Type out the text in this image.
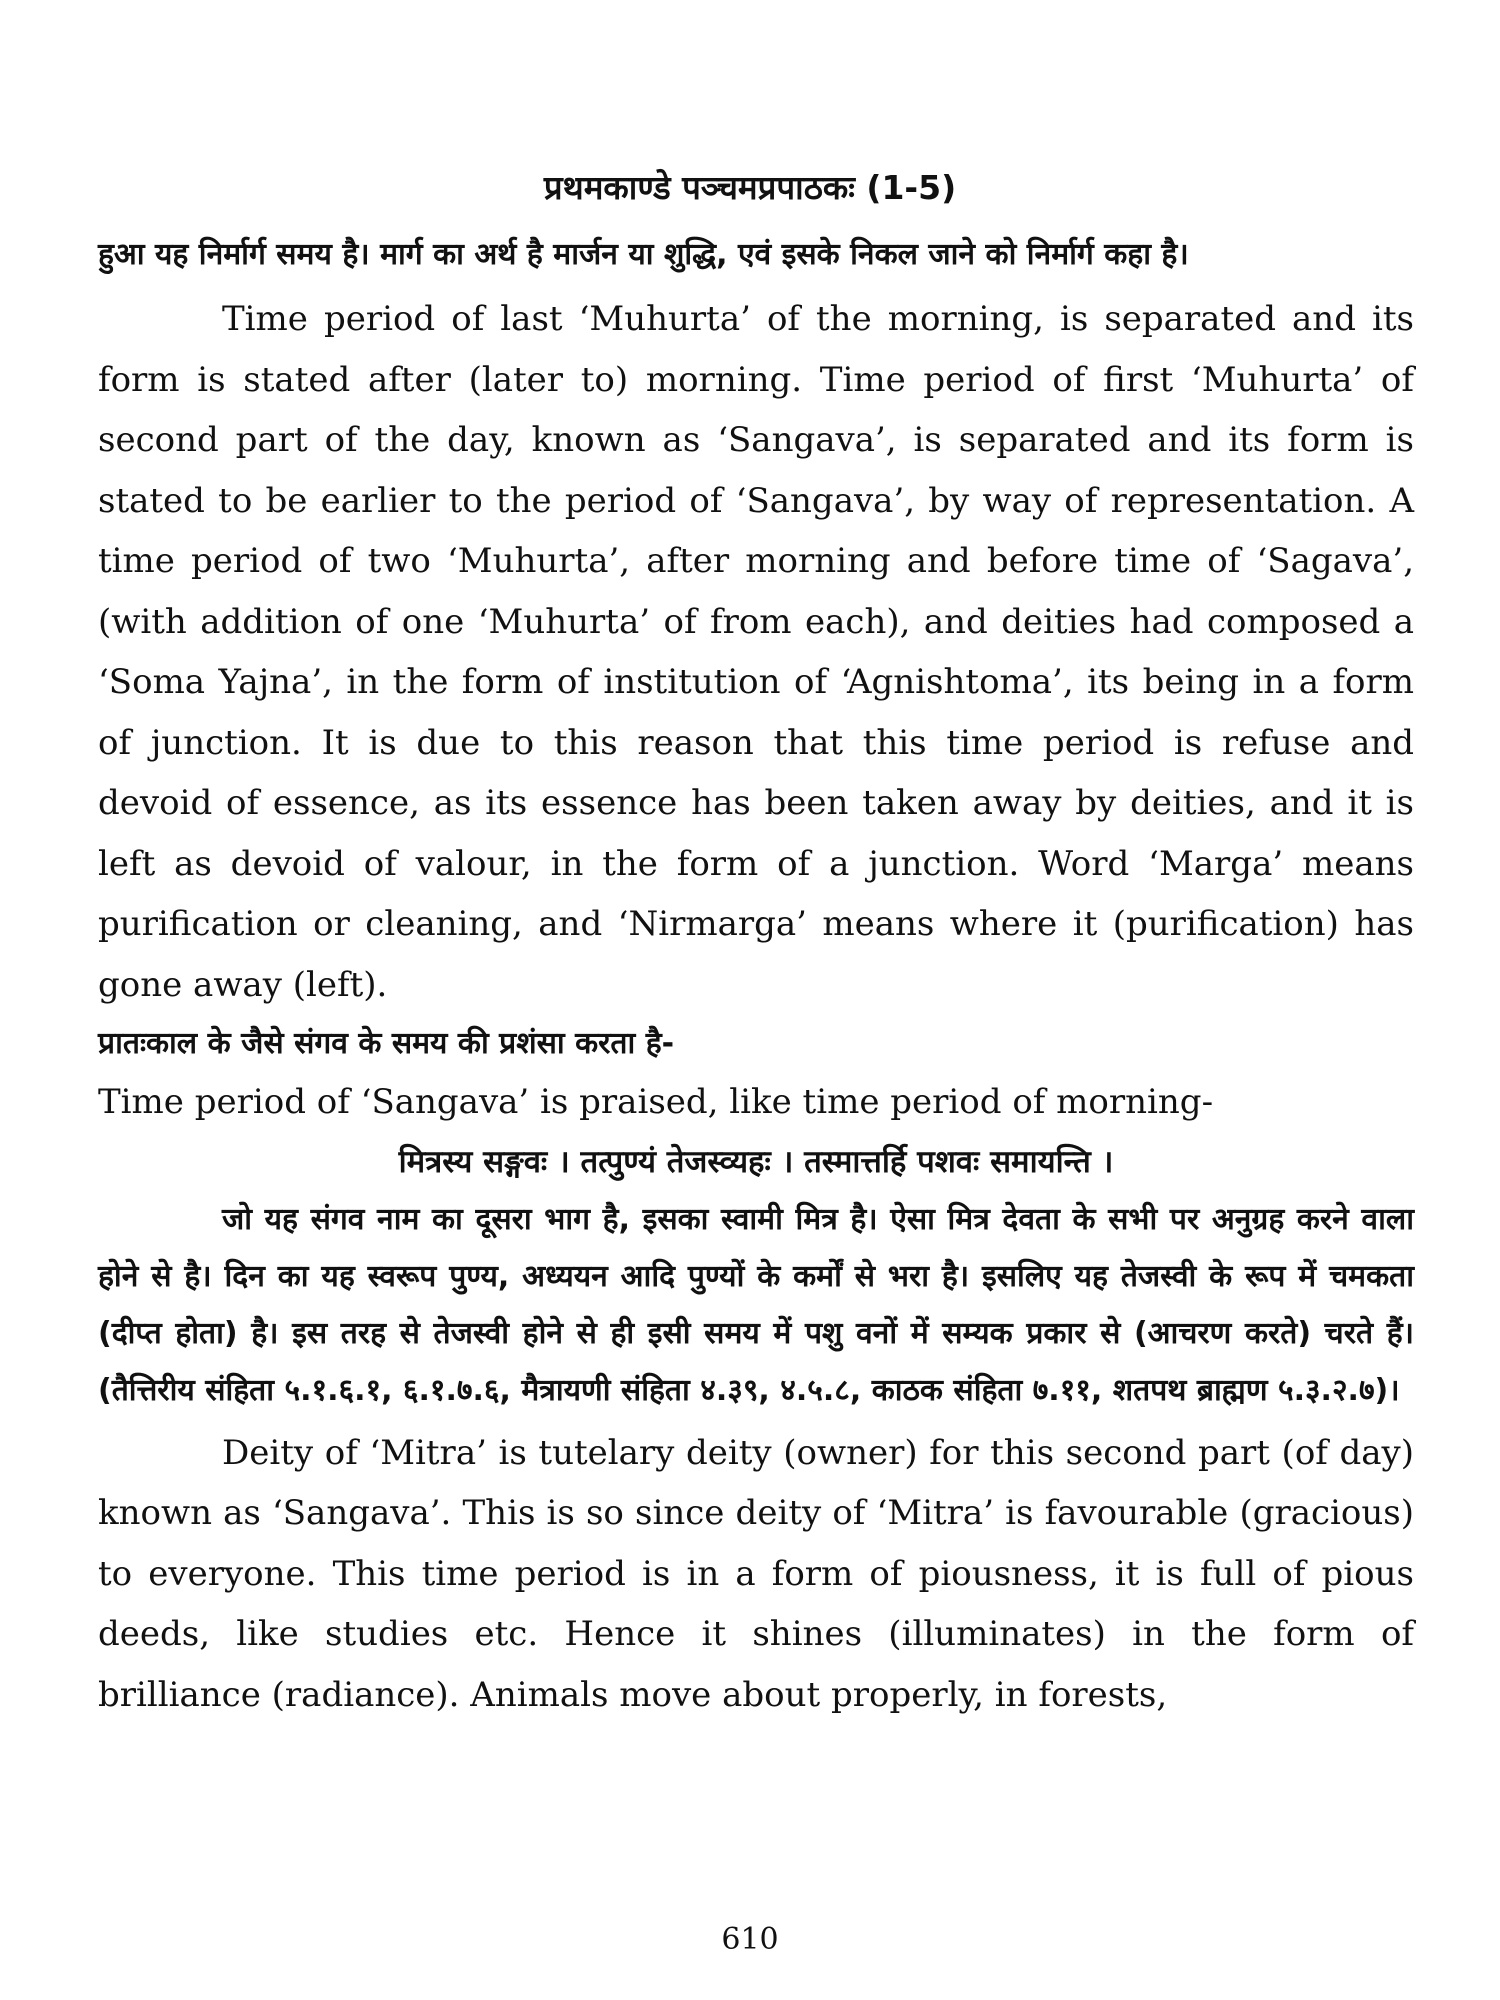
प्रथमकाण्डे पञ्चमप्रपाठकः (1-5)

हुआ यह निर्मार्ग समय है। मार्ग का अर्थ है मार्जन या शुद्धि, एवं इसके निकल जाने को निर्मार्ग कहा है।

Time period of last ‘Muhurta’ of the morning, is separated and its form is stated after (later to) morning. Time period of first ‘Muhurta’ of second part of the day, known as ‘Sangava’, is separated and its form is stated to be earlier to the period of ‘Sangava’, by way of representation. A time period of two ‘Muhurta’, after morning and before time of ‘Sagava’, (with addition of one ‘Muhurta’ of from each), and deities had composed a ‘Soma Yajna’, in the form of institution of ‘Agnishtoma’, its being in a form of junction. It is due to this reason that this time period is refuse and devoid of essence, as its essence has been taken away by deities, and it is left as devoid of valour, in the form of a junction. Word ‘Marga’ means purification or cleaning, and ‘Nirmarga’ means where it (purification) has gone away (left).

प्रातःकाल के जैसे संगव के समय की प्रशंसा करता है-

Time period of ‘Sangava’ is praised, like time period of morning-

मित्रस्य सङ्गवः । तत्पुण्यं तेजस्व्यहः । तस्मात्तर्हि पशवः समायन्ति ।

जो यह संगव नाम का दूसरा भाग है, इसका स्वामी मित्र है। ऐसा मित्र देवता के सभी पर अनुग्रह करने वाला होने से है। दिन का यह स्वरूप पुण्य, अध्ययन आदि पुण्यों के कर्मों से भरा है। इसलिए यह तेजस्वी के रूप में चमकता (दीप्त होता) है। इस तरह से तेजस्वी होने से ही इसी समय में पशु वनों में सम्यक प्रकार से (आचरण करते) चरते हैं। (तैत्तिरीय संहिता ५.१.६.१, ६.१.७.६, मैत्रायणी संहिता ४.३९, ४.५.८, काठक संहिता ७.११, शतपथ ब्राह्मण ५.३.२.७)।

Deity of ‘Mitra’ is tutelary deity (owner) for this second part (of day) known as ‘Sangava’. This is so since deity of ‘Mitra’ is favourable (gracious) to everyone. This time period is in a form of piousness, it is full of pious deeds, like studies etc. Hence it shines (illuminates) in the form of brilliance (radiance). Animals move about properly, in forests,

610
